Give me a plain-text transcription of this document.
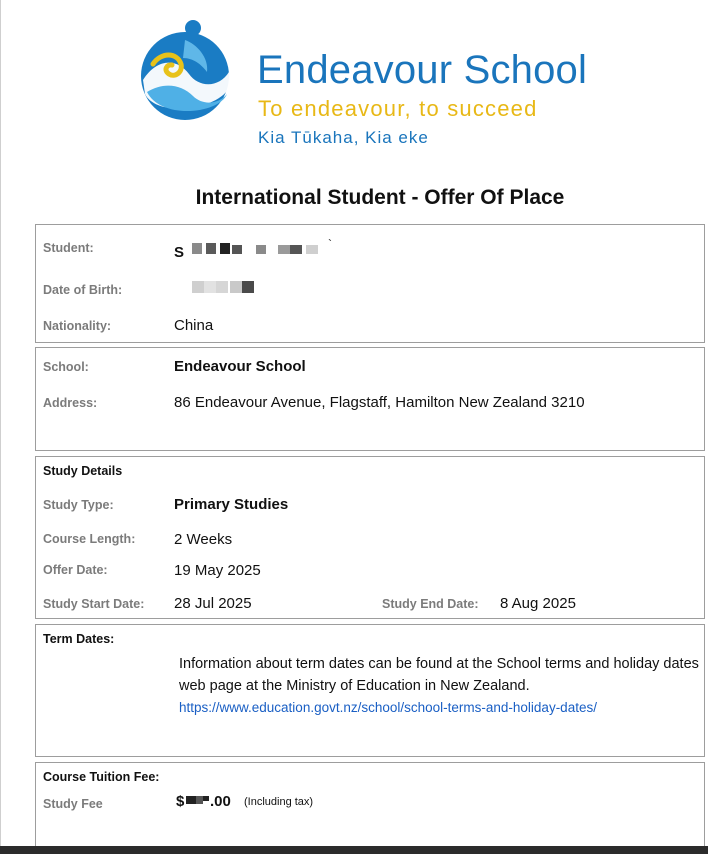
Endeavour School
To endeavour, to succeed
Kia Tūkaha, Kia eke
International Student - Offer Of Place
Student:	S	`
Date of Birth:
Nationality:	China
School:	Endeavour School
Address:	86 Endeavour Avenue, Flagstaff, Hamilton New Zealand 3210
Study Details
Study Type:	Primary Studies
Course Length:	2 Weeks
Offer Date:	19 May 2025
Study Start Date: 28 Jul 2025	Study End Date: 8 Aug 2025
Term Dates:
Information about term dates can be found at the School terms and holiday dates web page at the Ministry of Education in New Zealand.
https://www.education.govt.nz/school/school-terms-and-holiday-dates/
Course Tuition Fee:
Study Fee	$ .00 (Including tax)
